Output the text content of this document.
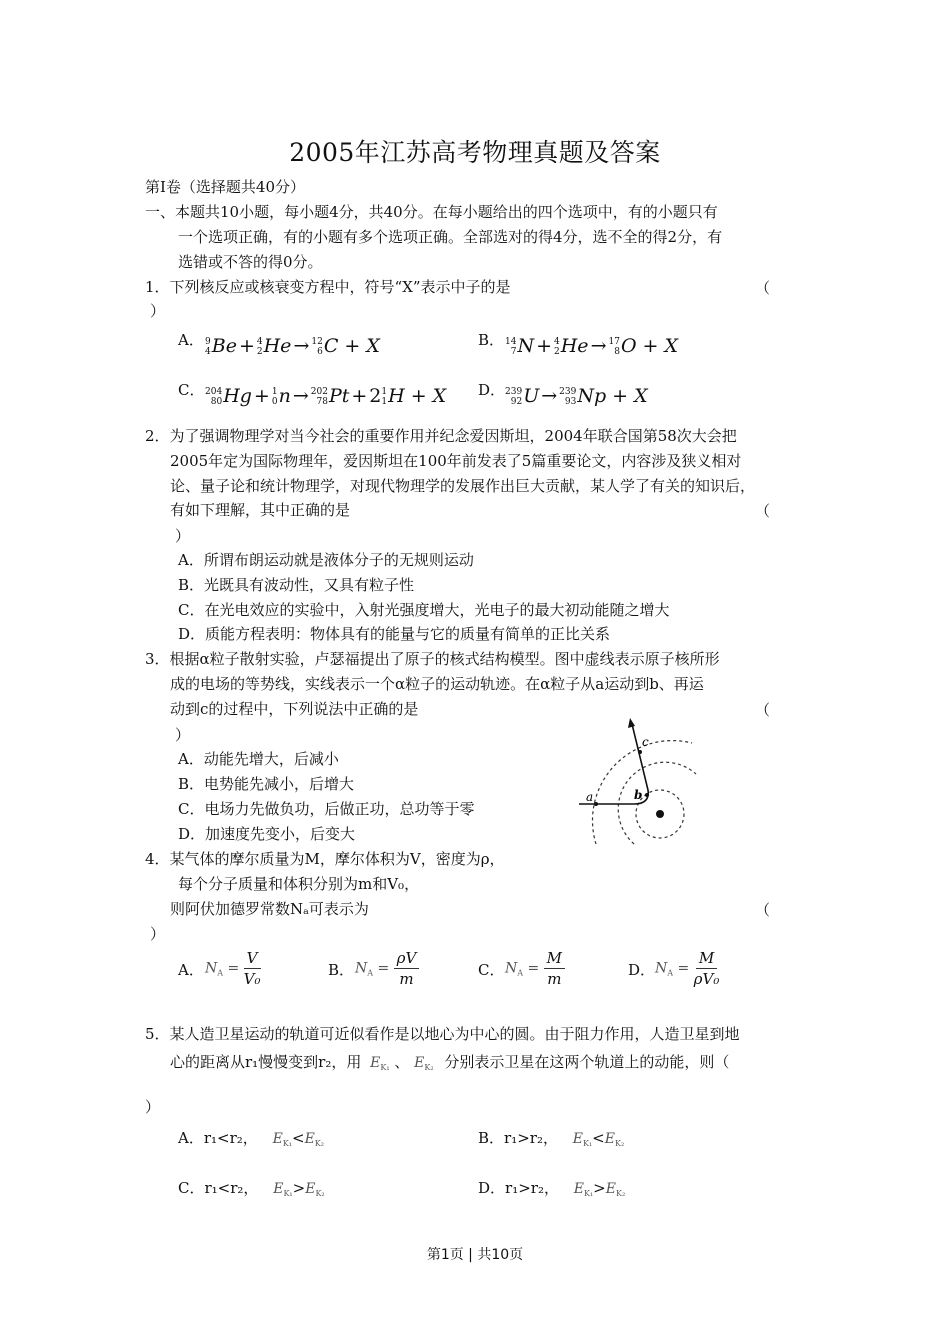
2005年江苏高考物理真题及答案
第Ⅰ卷（选择题共40分）
一、本题共10小题，每小题4分，共40分。在每小题给出的四个选项中，有的小题只有
一个选项正确，有的小题有多个选项正确。全部选对的得4分，选不全的得2分，有
选错或不答的得0分。
1．下列核反应或核衰变方程中，符号“X”表示中子的是	（
）
A． 9
4 Be + 4
2 He → 12
6 C + X	B． 14
7 N + 4
2 He → 17
8 O + X
C． 204
80 Hg + 1
0 n → 202
78 Pt + 2 1
1 H + X D． 239
92 U → 239
93 Np + X
2．为了强调物理学对当今社会的重要作用并纪念爱因斯坦，2004年联合国第58次大会把
2005年定为国际物理年，爱因斯坦在100年前发表了5篇重要论文，内容涉及狭义相对
论、量子论和统计物理学，对现代物理学的发展作出巨大贡献，某人学了有关的知识后，
有如下理解，其中正确的是	（
）
A．所谓布朗运动就是液体分子的无规则运动
B．光既具有波动性，又具有粒子性
C．在光电效应的实验中，入射光强度增大，光电子的最大初动能随之增大
D．质能方程表明：物体具有的能量与它的质量有简单的正比关系
3．根据α粒子散射实验，卢瑟福提出了原子的核式结构模型。图中虚线表示原子核所形
成的电场的等势线，实线表示一个α粒子的运动轨迹。在α粒子从a运动到b、再运
动到c的过程中，下列说法中正确的是	（
）
A．动能先增大，后减小
B．电势能先减小，后增大
C．电场力先做负功，后做正功，总功等于零
D．加速度先变小，后变大
a	b
c
4．某气体的摩尔质量为M，摩尔体积为V，密度为ρ，
每个分子质量和体积分别为m和V₀，
则阿伏加德罗常数Nₐ可表示为	（
）
A． $N_A = \frac{V}{\text{V₀}}$	B． $N_A = \frac{\rho V}{m}$	C． $N_A = \frac{M}{m}$	D． $N_A = \frac{M}{\text{ρV₀}}$
5．某人造卫星运动的轨道可近似看作是以地心为中心的圆。由于阻力作用，人造卫星到地
心的距离从r₁慢慢变到r₂，用 $E_{K_1}$ 、 $E_{K_2}$ 分别表示卫星在这两个轨道上的动能，则（
）
A．r₁<r₂， $E_{K_1}<E_{K_2}$	B．r₁>r₂， $E_{K_1}<E_{K_2}$
C．r₁<r₂， $E_{K_1}>E_{K_2}$	D．r₁>r₂， $E_{K_1}>E_{K_2}$
第1页 | 共10页
